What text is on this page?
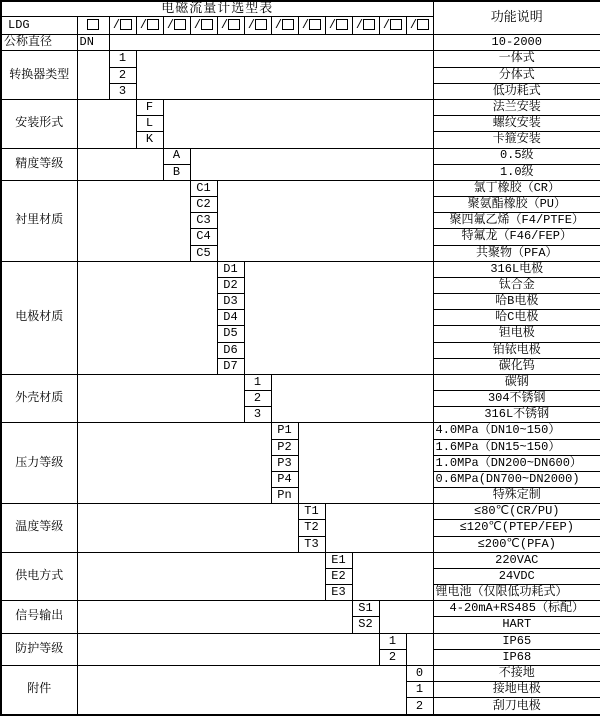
电磁流量计选型表														功能说明
LDG		/	/	/	/	/	/	/	/	/	/	/	/	
公称直径	DN													10-2000
转换器类型		1												一体式
		2												分体式
		3												低功耗式
安装形式			F											法兰安装
			L											螺纹安装
			K											卡箍安装
精度等级				A										0.5级
				B										1.0级
衬里材质					C1									氯丁橡胶（CR）
					C2									聚氨酯橡胶（PU）
					C3									聚四氟乙烯（F4/PTFE）
					C4									特氟龙（F46/FEP）
					C5									共聚物（PFA）
电极材质						D1								316L电极
						D2								钛合金
						D3								哈B电极
						D4								哈C电极
						D5								钽电极
						D6								铂铱电极
						D7								碳化钨
外壳材质							1							碳钢
							2							304不锈钢
							3							316L不锈钢
压力等级								P1						4.0MPa（DN10~150）
								P2						1.6MPa（DN15~150）
								P3						1.0MPa（DN200~DN600）
								P4						0.6MPa(DN700~DN2000)
								Pn						特殊定制
温度等级									T1					≤80℃(CR/PU)
									T2					≤120℃(PTEP/FEP)
									T3					≤200℃(PFA)
供电方式										E1				220VAC
										E2				24VDC
										E3				锂电池（仅限低功耗式）
信号输出											S1			4-20mA+RS485（标配）
											S2			HART
防护等级												1		IP65
												2		IP68
附件													0	不接地
													1	接地电极
													2	刮刀电极
